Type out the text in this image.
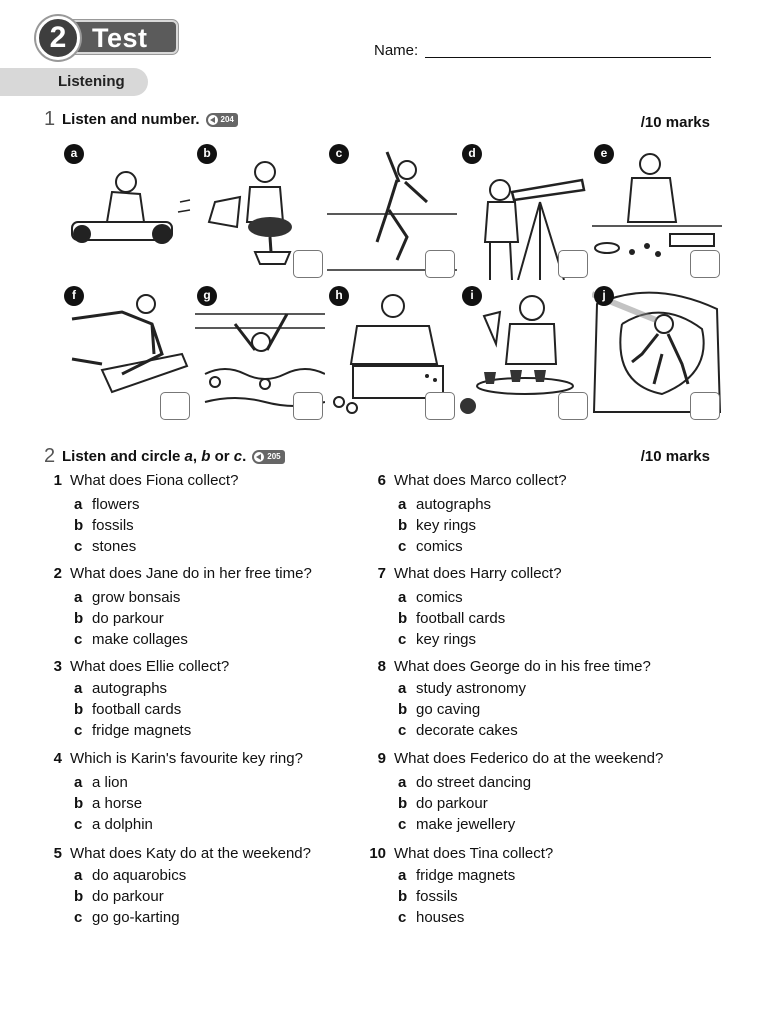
Test
2	Name:
Listening
1 Listen and number.	204	/10 marks
a	b	c	d	e
f	g	h	i	j
2 Listen and circle a, b or c.	205	/10 marks
1 What does Fiona collect?
a flowers
b fossils
c stones
2 What does Jane do in her free time?
a grow bonsais
b do parkour
c make collages
3 What does Ellie collect?
a autographs
b football cards
c fridge magnets
4 Which is Karin's favourite key ring?
a a lion
b a horse
c a dolphin
5 What does Katy do at the weekend?
a do aquarobics
b do parkour
c go go-karting
6 What does Marco collect?
a autographs
b key rings
c comics
7 What does Harry collect?
a comics
b football cards
c key rings
8 What does George do in his free time?
a study astronomy
b go caving
c decorate cakes
9 What does Federico do at the weekend?
a do street dancing
b do parkour
c make jewellery
10 What does Tina collect?
a fridge magnets
b fossils
c houses
